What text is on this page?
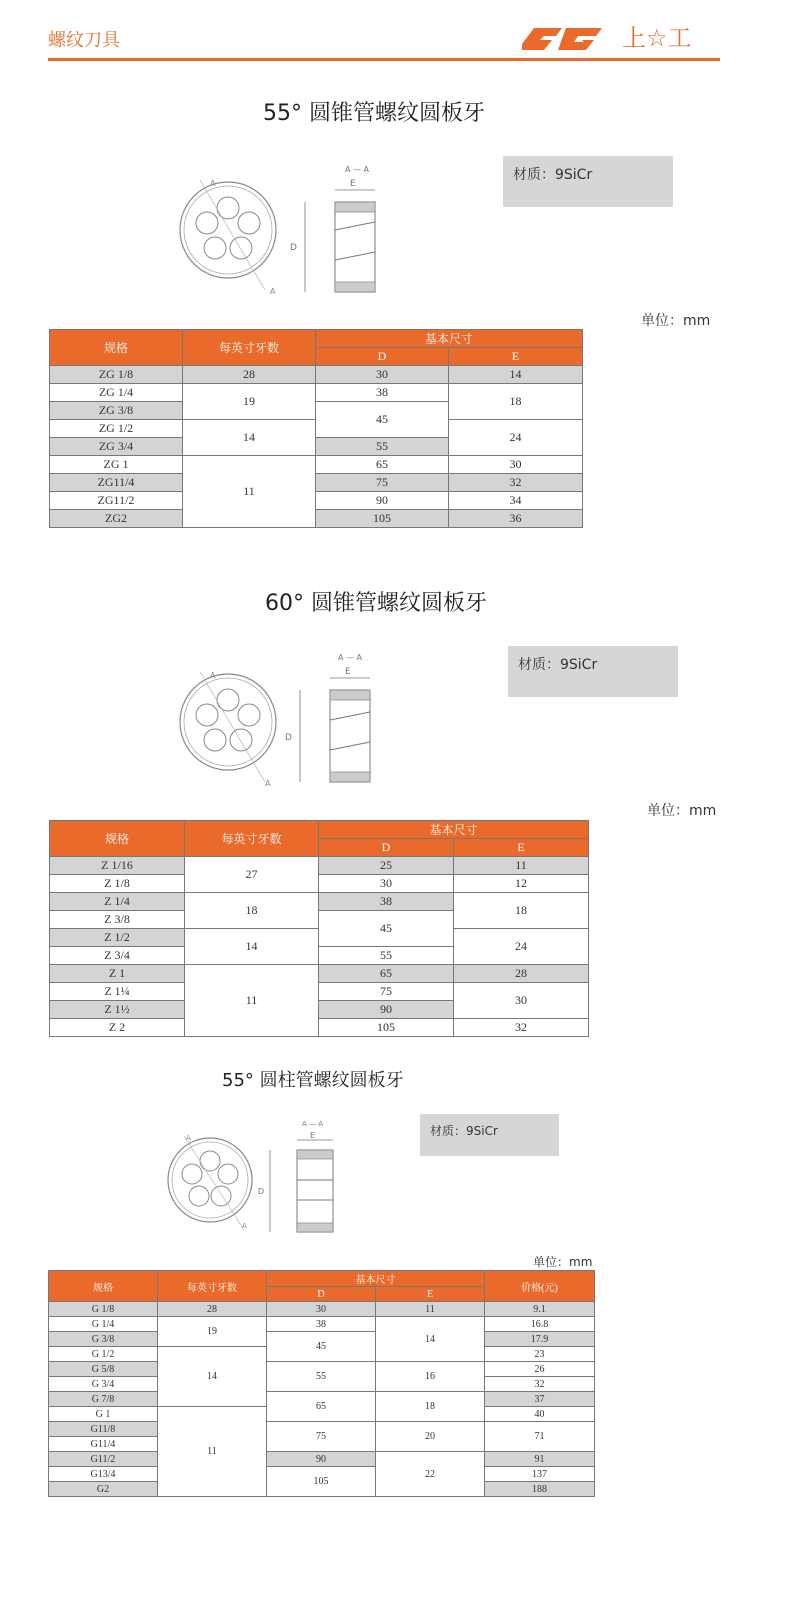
螺纹刀具	上☆工
55° 圆锥管螺纹圆板牙
A
A
D
A — A
E
材质：9SiCr
单位：mm
规格	每英寸牙数	基本尺寸	
		D	E
ZG 1/8	28	30	14
ZG 1/4	19	38	18
ZG 3/8		45	
ZG 1/2	14		24
ZG 3/4		55	
ZG 1	11	65	30
ZG11/4		75	32
ZG11/2		90	34
ZG2		105	36
60° 圆锥管螺纹圆板牙
A
A
D
A — A
E	材质：9SiCr
单位：mm
规格	每英寸牙数	基本尺寸	
		D	E
Z 1/16	27	25	11
Z 1/8		30	12
Z 1/4	18	38	18
Z 3/8		45	
Z 1/2	14		24
Z 3/4		55	
Z 1	11	65	28
Z 1¼		75	30
Z 1½		90	
Z 2		105	32
55° 圆柱管螺纹圆板牙
A
A
D
A — A
E	材质：9SiCr
单位：mm
规格	每英寸牙数	基本尺寸		价格(元)
		D	E	
G 1/8	28	30	11	9.1
G 1/4	19	38	14	16.8
G 3/8		45		17.9
G 1/2	14			23
G 5/8		55	16	26
G 3/4				32
G 7/8		65	18	37
G 1	11			40
G11/8		75	20	71
G11/4				
G11/2		90	22	91
G13/4		105		137
G2				188
